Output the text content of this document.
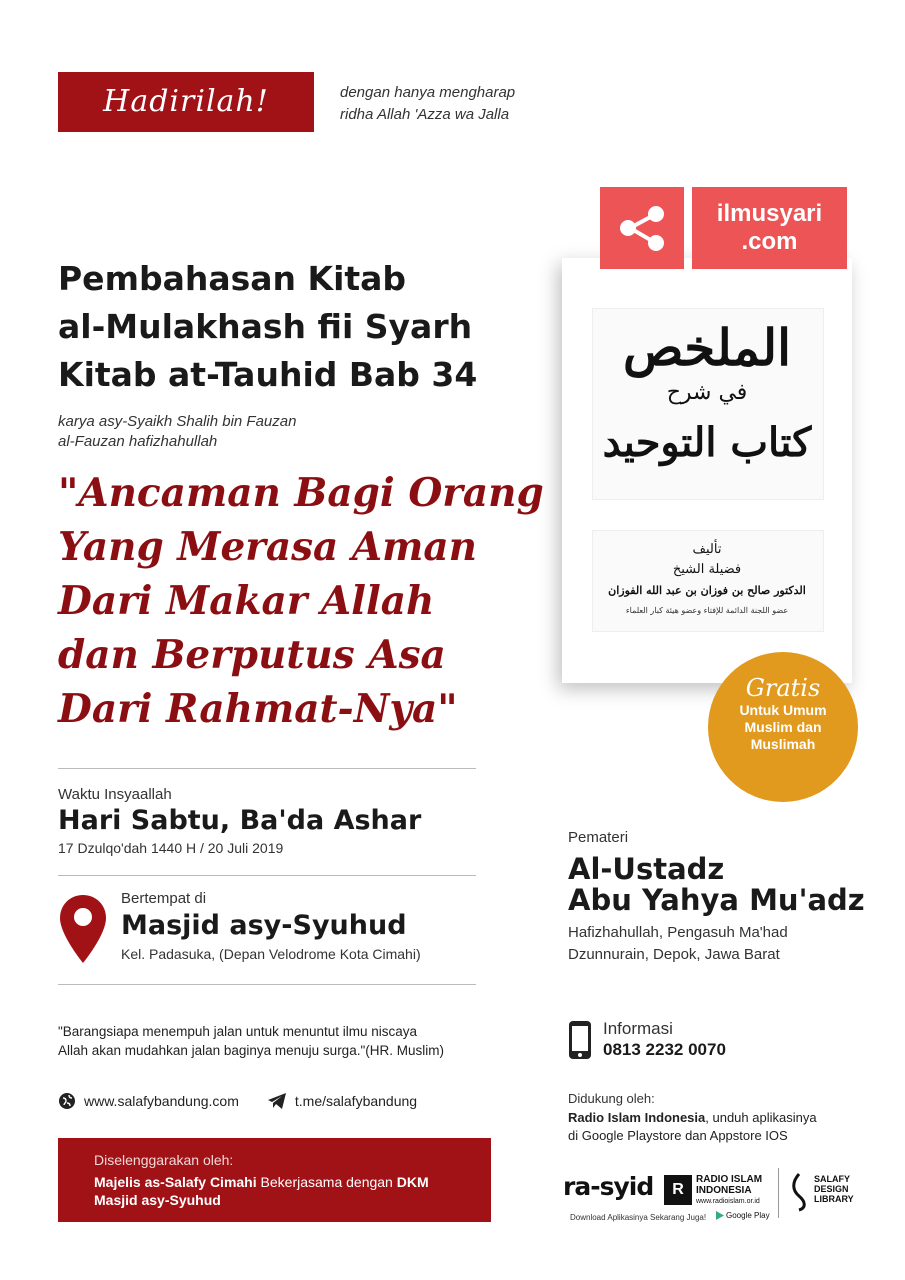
Hadirilah!	dengan hanya mengharap
ridha Allah 'Azza wa Jalla
Pembahasan Kitab
al-Mulakhash fii Syarh
Kitab at-Tauhid Bab 34
karya asy-Syaikh Shalih bin Fauzan
al-Fauzan hafizhahullah
"Ancaman Bagi Orang
Yang Merasa Aman
Dari Makar Allah
dan Berputus Asa
Dari Rahmat-Nya"
Waktu Insyaallah
Hari Sabtu, Ba'da Ashar
17 Dzulqo'dah 1440 H / 20 Juli 2019
Bertempat di
Masjid asy-Syuhud
Kel. Padasuka, (Depan Velodrome Kota Cimahi)
"Barangsiapa menempuh jalan untuk menuntut ilmu niscaya
Allah akan mudahkan jalan baginya menuju surga."(HR. Muslim)
www.salafybandung.com	t.me/salafybandung
Diselenggarakan oleh:
Majelis as-Salafy Cimahi Bekerjasama dengan DKM
Masjid asy-Syuhud
الملخص
في شرح
كتاب التوحيد
تأليف
فضيلة الشيخ
الدكتور صالح بن فوزان بن عبد الله الفوزان
عضو اللجنة الدائمة للإفتاء وعضو هيئة كبار العلماء
ilmusyari
.com
Gratis
Untuk Umum
Muslim dan
Muslimah
Pemateri
Al-Ustadz
Abu Yahya Mu'adz
Hafizhahullah, Pengasuh Ma'had
Dzunnurain, Depok, Jawa Barat
Informasi
0813 2232 0070
Didukung oleh:
Radio Islam Indonesia, unduh aplikasinya
di Google Playstore dan Appstore IOS
ra-syid	R
RADIO ISLAM
INDONESIA
www.radioislam.or.id
SALAFY
DESIGN
LIBRARY
Download Aplikasinya Sekarang Juga! Google Play
